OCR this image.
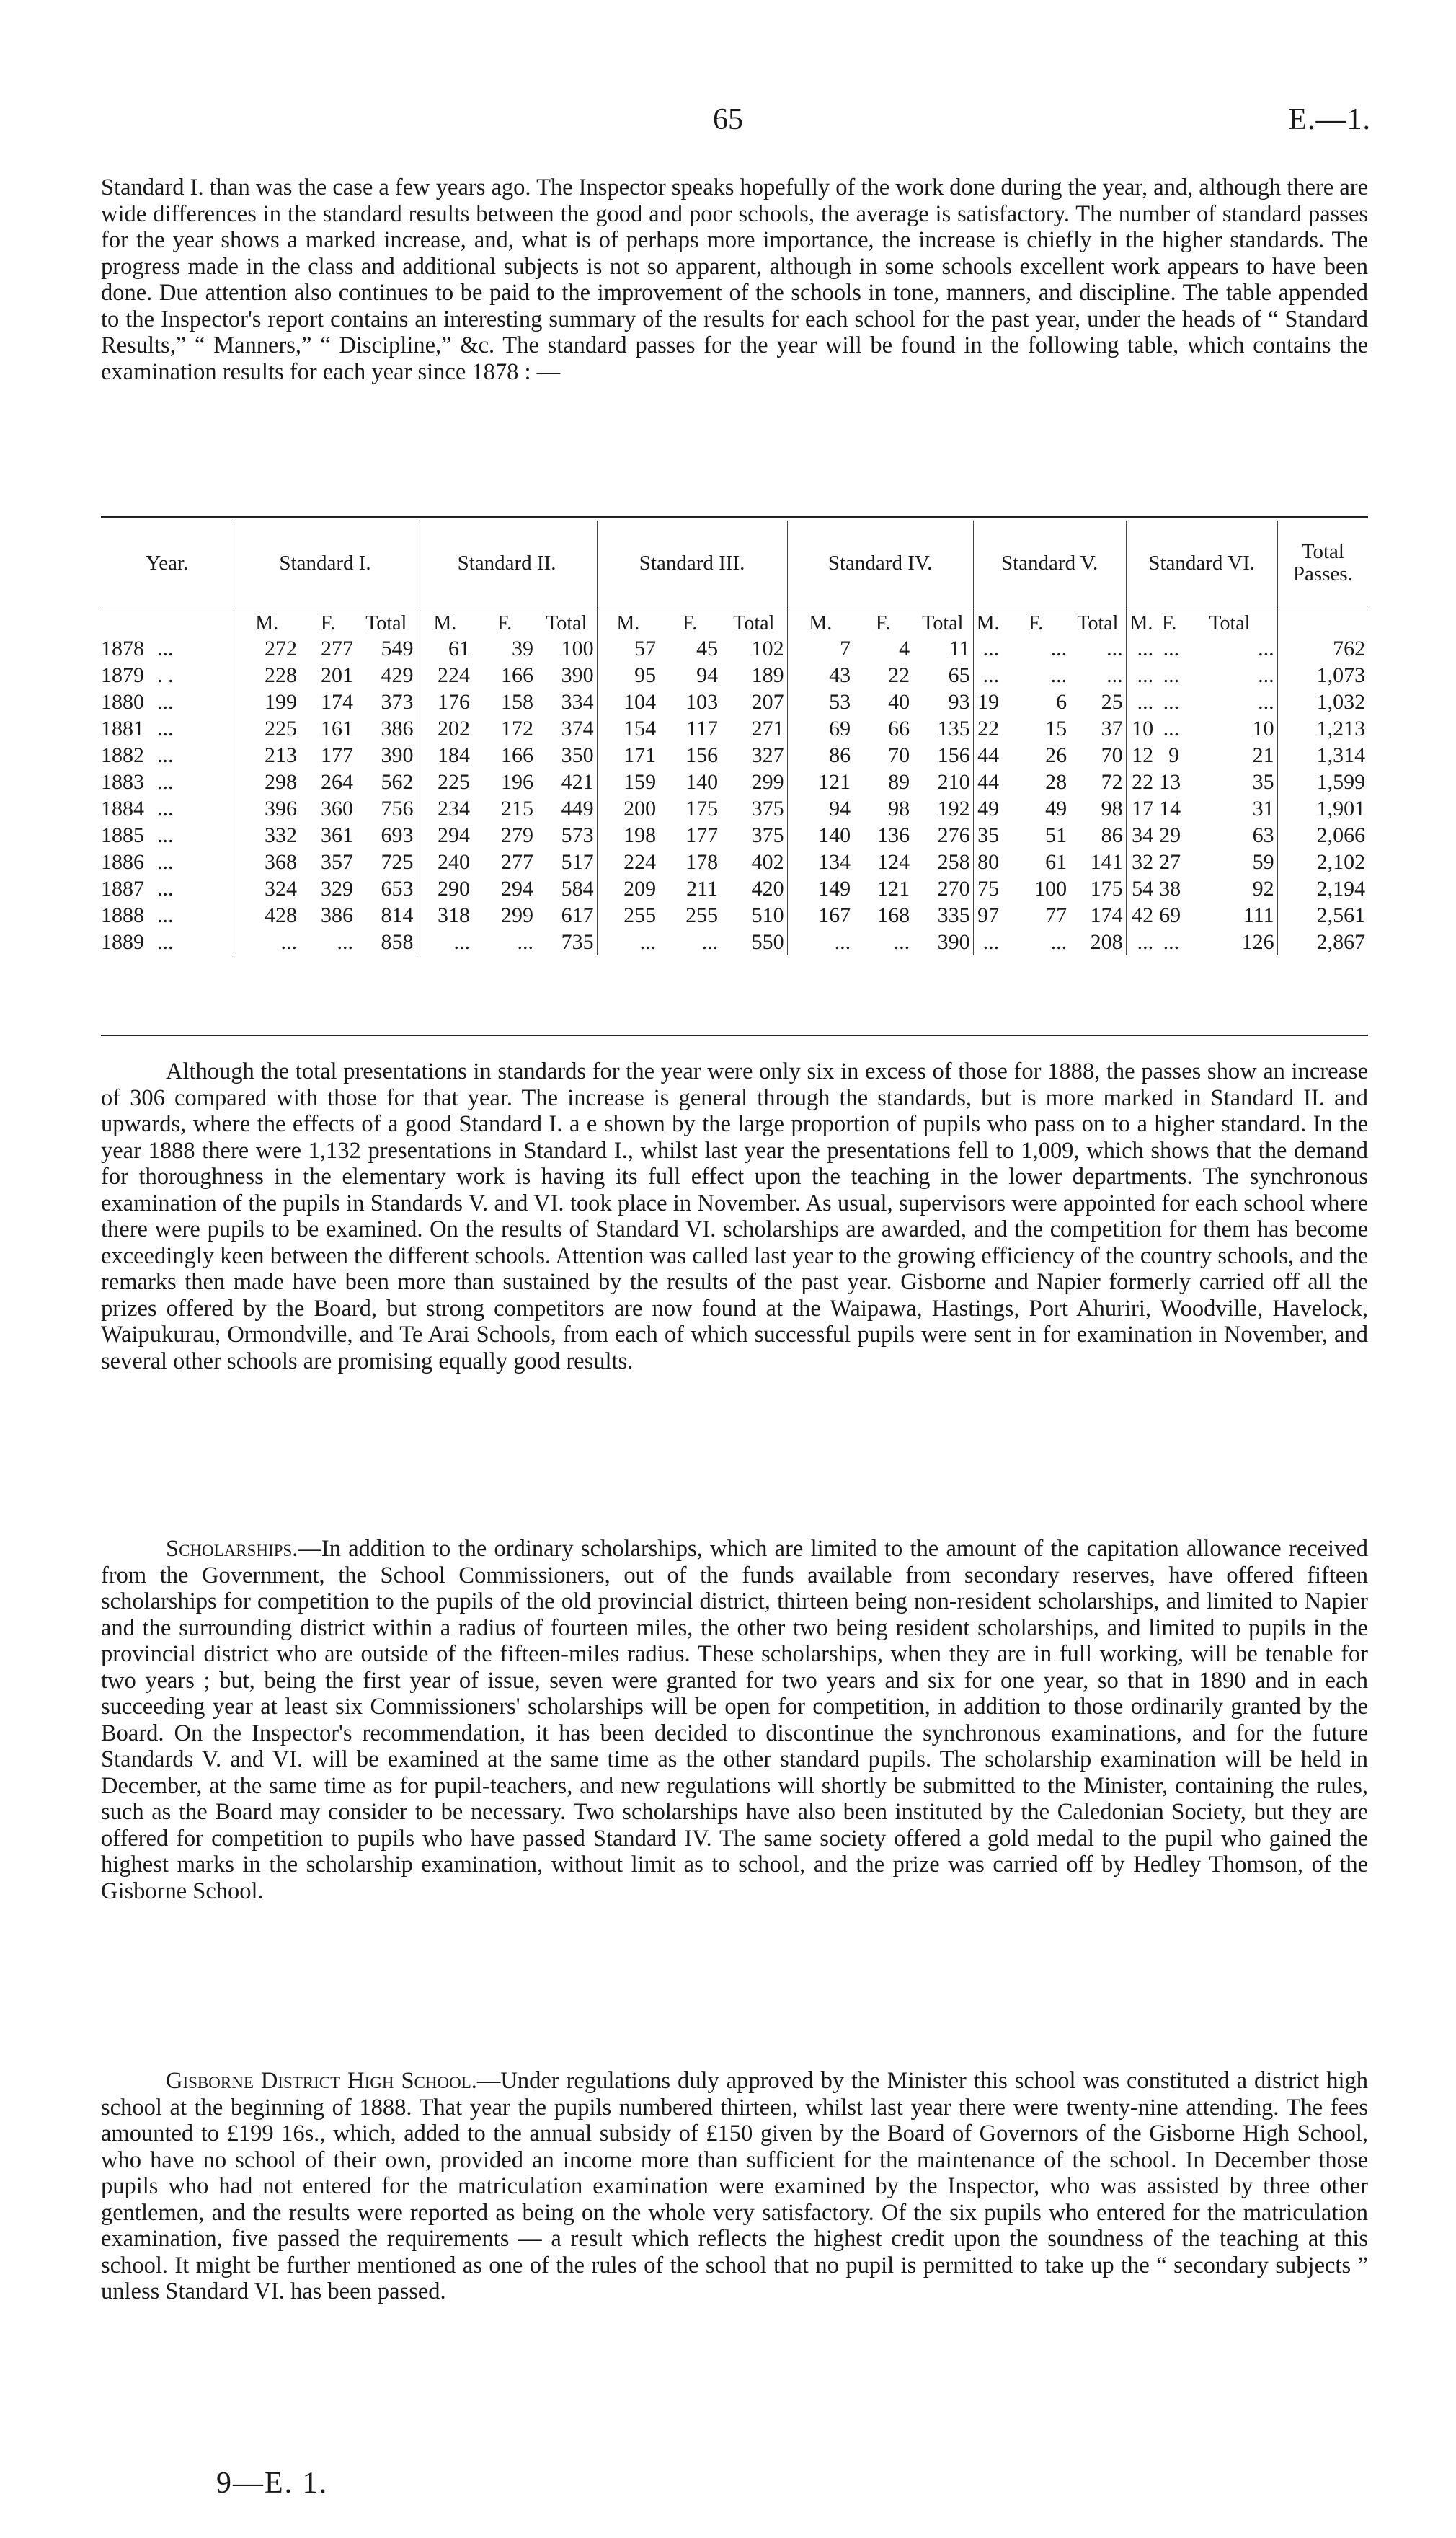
65	E.—1.

Standard I. than was the case a few years ago. The Inspector speaks hopefully of the work done during the year, and, although there are wide differences in the standard results between the good and poor schools, the average is satisfactory. The number of standard passes for the year shows a marked increase, and, what is of perhaps more importance, the increase is chiefly in the higher standards. The progress made in the class and additional subjects is not so apparent, although in some schools excellent work appears to have been done. Due attention also continues to be paid to the improvement of the schools in tone, manners, and discipline. The table appended to the Inspector's report contains an interesting summary of the results for each school for the past year, under the heads of “ Standard Results,” “ Manners,” “ Discipline,” &c. The standard passes for the year will be found in the following table, which contains the examination results for each year since 1878 : —

Year.	Standard I.			Standard II.			Standard III.			Standard IV.			Standard V.			Standard VI.			Total Passes.
	M.	F.	Total	M.	F.	Total	M.	F.	Total	M.	F.	Total	M.	F.	Total	M.	F.	Total	
1878 ...	272	277	549	61	39	100	57	45	102	7	4	11	...	...	...	...	...	...	762
1879 . .	228	201	429	224	166	390	95	94	189	43	22	65	...	...	...	...	...	...	1,073
1880 ...	199	174	373	176	158	334	104	103	207	53	40	93	19	6	25	...	...	...	1,032
1881 ...	225	161	386	202	172	374	154	117	271	69	66	135	22	15	37	10	...	10	1,213
1882 ...	213	177	390	184	166	350	171	156	327	86	70	156	44	26	70	12	9	21	1,314
1883 ...	298	264	562	225	196	421	159	140	299	121	89	210	44	28	72	22	13	35	1,599
1884 ...	396	360	756	234	215	449	200	175	375	94	98	192	49	49	98	17	14	31	1,901
1885 ...	332	361	693	294	279	573	198	177	375	140	136	276	35	51	86	34	29	63	2,066
1886 ...	368	357	725	240	277	517	224	178	402	134	124	258	80	61	141	32	27	59	2,102
1887 ...	324	329	653	290	294	584	209	211	420	149	121	270	75	100	175	54	38	92	2,194
1888 ...	428	386	814	318	299	617	255	255	510	167	168	335	97	77	174	42	69	111	2,561
1889 ...	...	...	858	...	...	735	...	...	550	...	...	390	...	...	208	...	...	126	2,867

Although the total presentations in standards for the year were only six in excess of those for 1888, the passes show an increase of 306 compared with those for that year. The increase is general through the standards, but is more marked in Standard II. and upwards, where the effects of a good Standard I. a e shown by the large proportion of pupils who pass on to a higher standard. In the year 1888 there were 1,132 presentations in Standard I., whilst last year the presentations fell to 1,009, which shows that the demand for thoroughness in the elementary work is having its full effect upon the teaching in the lower departments. The synchronous examination of the pupils in Standards V. and VI. took place in November. As usual, supervisors were appointed for each school where there were pupils to be examined. On the results of Standard VI. scholarships are awarded, and the competition for them has become exceedingly keen between the different schools. Attention was called last year to the growing efficiency of the country schools, and the remarks then made have been more than sustained by the results of the past year. Gisborne and Napier formerly carried off all the prizes offered by the Board, but strong competitors are now found at the Waipawa, Hastings, Port Ahuriri, Woodville, Havelock, Waipukurau, Ormondville, and Te Arai Schools, from each of which successful pupils were sent in for examination in November, and several other schools are promising equally good results.

Scholarships.—In addition to the ordinary scholarships, which are limited to the amount of the capitation allowance received from the Government, the School Commissioners, out of the funds available from secondary reserves, have offered fifteen scholarships for competition to the pupils of the old provincial district, thirteen being non-resident scholarships, and limited to Napier and the surrounding district within a radius of fourteen miles, the other two being resident scholarships, and limited to pupils in the provincial district who are outside of the fifteen-miles radius. These scholarships, when they are in full working, will be tenable for two years ; but, being the first year of issue, seven were granted for two years and six for one year, so that in 1890 and in each succeeding year at least six Commissioners' scholarships will be open for competition, in addition to those ordinarily granted by the Board. On the Inspector's recommendation, it has been decided to discontinue the synchronous examinations, and for the future Standards V. and VI. will be examined at the same time as the other standard pupils. The scholarship examination will be held in December, at the same time as for pupil-teachers, and new regulations will shortly be submitted to the Minister, containing the rules, such as the Board may consider to be necessary. Two scholarships have also been instituted by the Caledonian Society, but they are offered for competition to pupils who have passed Standard IV. The same society offered a gold medal to the pupil who gained the highest marks in the scholarship examination, without limit as to school, and the prize was carried off by Hedley Thomson, of the Gisborne School.

Gisborne District High School.—Under regulations duly approved by the Minister this school was constituted a district high school at the beginning of 1888. That year the pupils numbered thirteen, whilst last year there were twenty-nine attending. The fees amounted to £199 16s., which, added to the annual subsidy of £150 given by the Board of Governors of the Gisborne High School, who have no school of their own, provided an income more than sufficient for the maintenance of the school. In December those pupils who had not entered for the matriculation examination were examined by the Inspector, who was assisted by three other gentlemen, and the results were reported as being on the whole very satisfactory. Of the six pupils who entered for the matriculation examination, five passed the requirements — a result which reflects the highest credit upon the soundness of the teaching at this school. It might be further mentioned as one of the rules of the school that no pupil is permitted to take up the “ secondary subjects ” unless Standard VI. has been passed.

9—E. 1.
